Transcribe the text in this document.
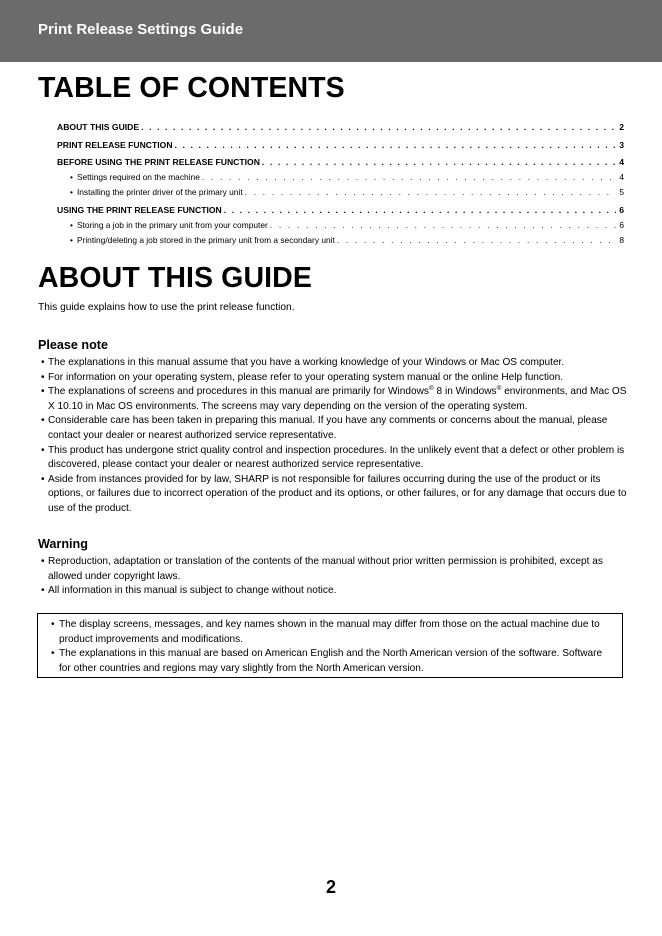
Print Release Settings Guide
TABLE OF CONTENTS
ABOUT THIS GUIDE . . .	2
PRINT RELEASE FUNCTION . . .	3
BEFORE USING THE PRINT RELEASE FUNCTION . . .	4
• Settings required on the machine . . .	4
• Installing the printer driver of the primary unit . . .	5
USING THE PRINT RELEASE FUNCTION . . .	6
• Storing a job in the primary unit from your computer . . .	6
• Printing/deleting a job stored in the primary unit from a secondary unit . . .	8
ABOUT THIS GUIDE

This guide explains how to use the print release function.

Please note
• The explanations in this manual assume that you have a working knowledge of your Windows or Mac OS computer.
• For information on your operating system, please refer to your operating system manual or the online Help function.
• The explanations of screens and procedures in this manual are primarily for Windows® 8 in Windows® environments, and Mac OS X 10.10 in Mac OS environments. The screens may vary depending on the version of the operating system.
• Considerable care has been taken in preparing this manual. If you have any comments or concerns about the manual, please contact your dealer or nearest authorized service representative.
• This product has undergone strict quality control and inspection procedures. In the unlikely event that a defect or other problem is discovered, please contact your dealer or nearest authorized service representative.
• Aside from instances provided for by law, SHARP is not responsible for failures occurring during the use of the product or its options, or failures due to incorrect operation of the product and its options, or other failures, or for any damage that occurs due to use of the product.
Warning
• Reproduction, adaptation or translation of the contents of the manual without prior written permission is prohibited, except as allowed under copyright laws.
• All information in this manual is subject to change without notice.
• The display screens, messages, and key names shown in the manual may differ from those on the actual machine due to product improvements and modifications.
• The explanations in this manual are based on American English and the North American version of the software. Software for other countries and regions may vary slightly from the North American version.
2
